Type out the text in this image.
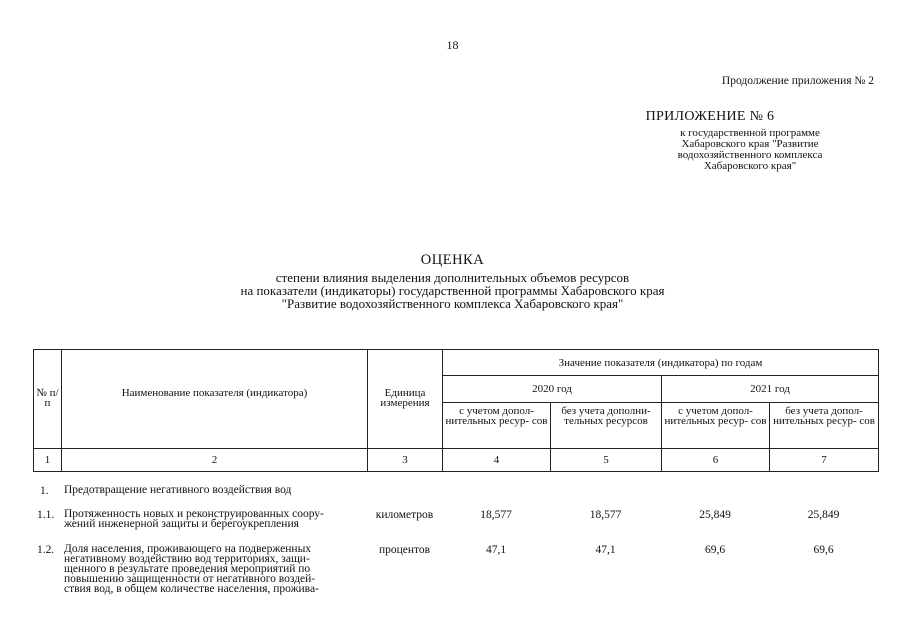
18
Продолжение приложения № 2
ПРИЛОЖЕНИЕ № 6
к государственной программе
Хабаровского края "Развитие
водохозяйственного комплекса
Хабаровского края"
ОЦЕНКА
степени влияния выделения дополнительных объемов ресурсов
на показатели (индикаторы) государственной программы Хабаровского края
"Развитие водохозяйственного комплекса Хабаровского края"
№ п/п	Наименование показателя (индикатора)	Единица измерения	Значение показателя (индикатора) по годам			
			2020 год		2021 год	
			с учетом допол- нительных ресур- сов	без учета дополни- тельных ресурсов	с учетом допол- нительных ресур- сов	без учета допол- нительных ресур- сов
1	2	3	4	5	6	7
1. Предотвращение негативного воздействия вод
1.1. Протяженность новых и реконструированных соору-
жений инженерной защиты и берегоукрепления
километров	18,577	18,577	25,849	25,849
1.2. Доля населения, проживающего на подверженных
негативному воздействию вод территориях, защи-
щенного в результате проведения мероприятий по
повышению защищенности от негативного воздей-
ствия вод, в общем количестве населения, прожива-
процентов	47,1	47,1	69,6	69,6
